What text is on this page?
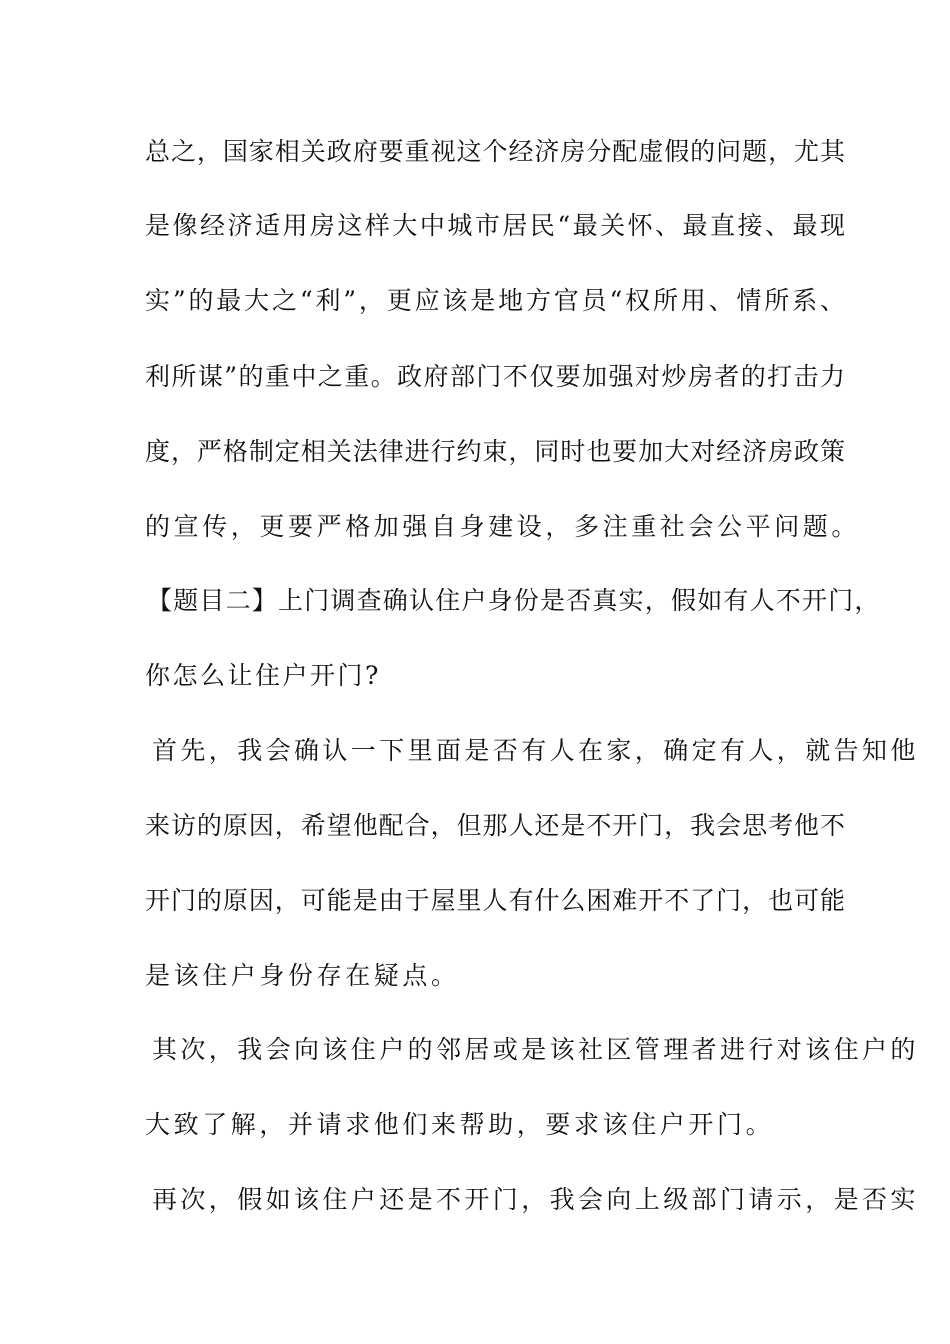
总之，国家相关政府要重视这个经济房分配虚假的问题，尤其
是像经济适用房这样大中城市居民“最关怀、最直接、最现
实”的最大之“利”，更应该是地方官员“权所用、情所系、
利所谋”的重中之重。政府部门不仅要加强对炒房者的打击力
度，严格制定相关法律进行约束，同时也要加大对经济房政策
的宣传，更要严格加强自身建设，多注重社会公平问题。
【题目二】上门调查确认住户身份是否真实，假如有人不开门，
你怎么让住户开门?
首先，我会确认一下里面是否有人在家，确定有人，就告知他
来访的原因，希望他配合，但那人还是不开门，我会思考他不
开门的原因，可能是由于屋里人有什么困难开不了门，也可能
是该住户身份存在疑点。
其次，我会向该住户的邻居或是该社区管理者进行对该住户的
大致了解，并请求他们来帮助，要求该住户开门。
再次，假如该住户还是不开门，我会向上级部门请示，是否实
